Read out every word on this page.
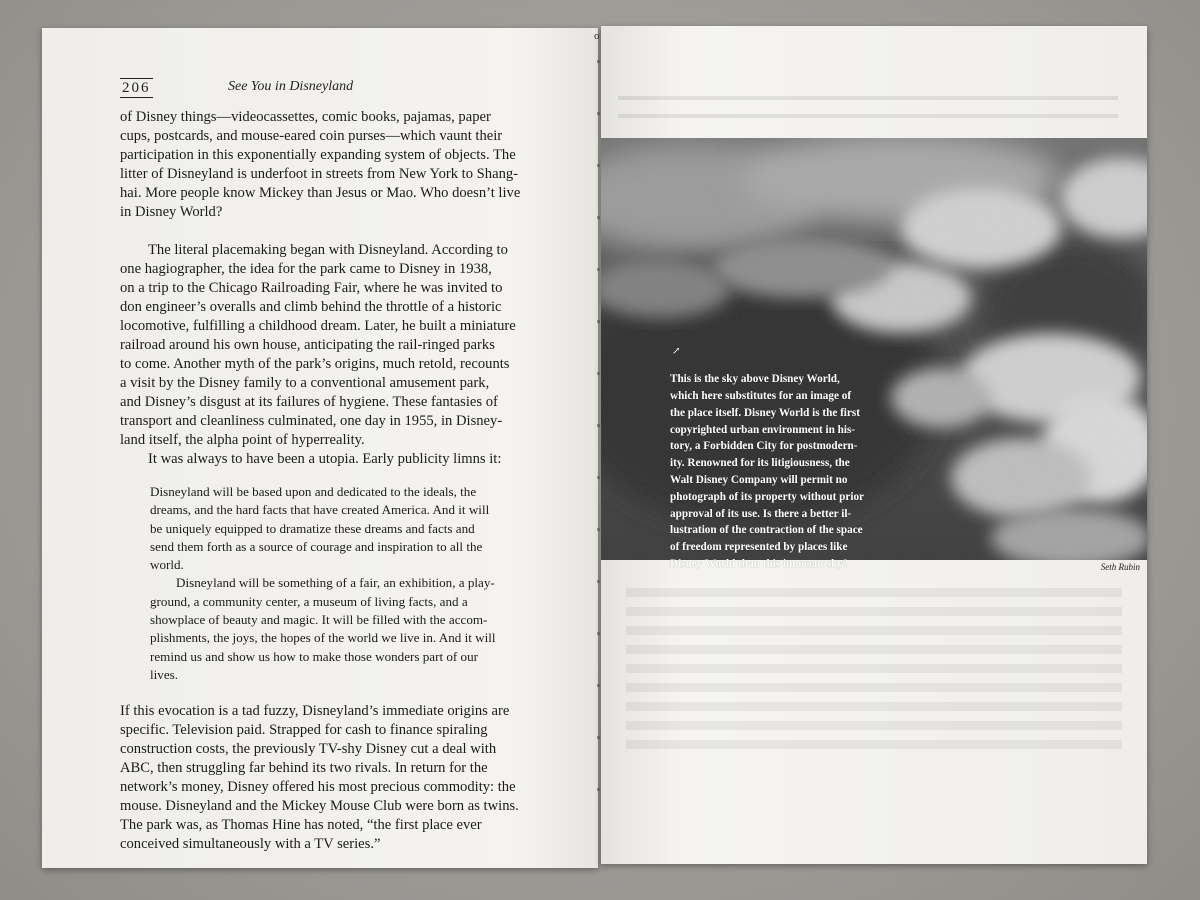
o
206	See You in Disneyland

of Disney things—videocassettes, comic books, pajamas, paper
cups, postcards, and mouse-eared coin purses—which vaunt their
participation in this exponentially expanding system of objects. The
litter of Disneyland is underfoot in streets from New York to Shang-
hai. More people know Mickey than Jesus or Mao. Who doesn’t live
in Disney World?

The literal placemaking began with Disneyland. According to
one hagiographer, the idea for the park came to Disney in 1938,
on a trip to the Chicago Railroading Fair, where he was invited to
don engineer’s overalls and climb behind the throttle of a historic
locomotive, fulfilling a childhood dream. Later, he built a miniature
railroad around his own house, anticipating the rail-ringed parks
to come. Another myth of the park’s origins, much retold, recounts
a visit by the Disney family to a conventional amusement park,
and Disney’s disgust at its failures of hygiene. These fantasies of
transport and cleanliness culminated, one day in 1955, in Disney-
land itself, the alpha point of hyperreality.

It was always to have been a utopia. Early publicity limns it:

Disneyland will be based upon and dedicated to the ideals, the
dreams, and the hard facts that have created America. And it will
be uniquely equipped to dramatize these dreams and facts and
send them forth as a source of courage and inspiration to all the
world.

Disneyland will be something of a fair, an exhibition, a play-
ground, a community center, a museum of living facts, and a
showplace of beauty and magic. It will be filled with the accom-
plishments, the joys, the hopes of the world we live in. And it will
remind us and show us how to make those wonders part of our
lives.

If this evocation is a tad fuzzy, Disneyland’s immediate origins are
specific. Television paid. Strapped for cash to finance spiraling
construction costs, the previously TV-shy Disney cut a deal with
ABC, then struggling far behind its two rivals. In return for the
network’s money, Disney offered his most precious commodity: the
mouse. Disneyland and the Mickey Mouse Club were born as twins.
The park was, as Thomas Hine has noted, “the first place ever
conceived simultaneously with a TV series.”

↗

This is the sky above Disney World,
which here substitutes for an image of
the place itself. Disney World is the first
copyrighted urban environment in his-
tory, a Forbidden City for postmodern-
ity. Renowned for its litigiousness, the
Walt Disney Company will permit no
photograph of its property without prior
approval of its use. Is there a better il-
lustration of the contraction of the space
of freedom represented by places like
Disney World than this innocent sky?	Seth Rubin
